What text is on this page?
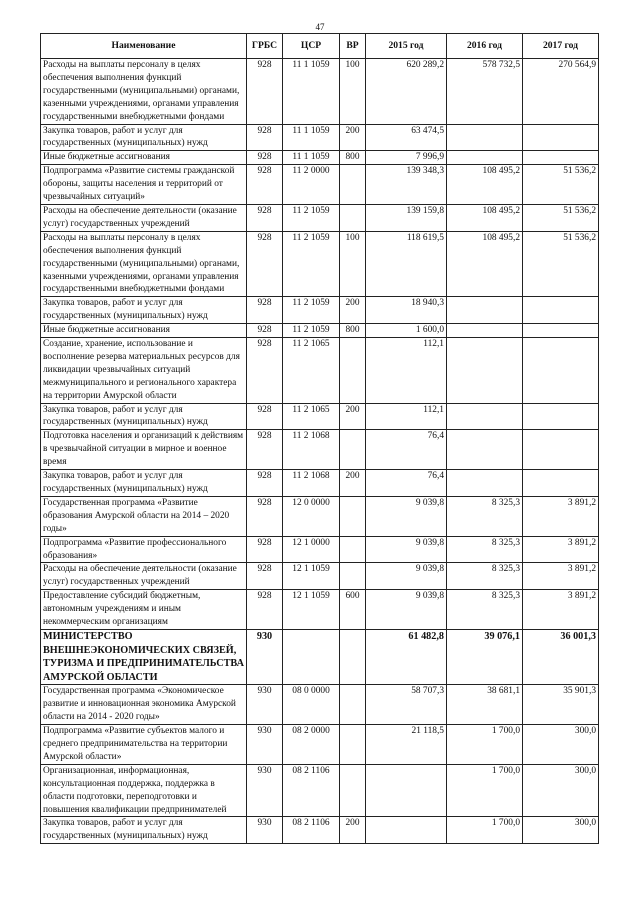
47
Наименование	ГРБС	ЦСР	ВР	2015 год	2016 год	2017 год
Расходы на выплаты персоналу в целях обеспечения выполнения функций государственными (муниципальными) органами, казенными учреждениями, органами управления государственными внебюджетными фондами	928	11 1 1059	100	620 289,2	578 732,5	270 564,9
Закупка товаров, работ и услуг для государственных (муниципальных) нужд	928	11 1 1059	200	63 474,5		
Иные бюджетные ассигнования	928	11 1 1059	800	7 996,9		
Подпрограмма «Развитие системы гражданской обороны, защиты населения и территорий от чрезвычайных ситуаций»	928	11 2 0000		139 348,3	108 495,2	51 536,2
Расходы на обеспечение деятельности (оказание услуг) государственных учреждений	928	11 2 1059		139 159,8	108 495,2	51 536,2
Расходы на выплаты персоналу в целях обеспечения выполнения функций государственными (муниципальными) органами, казенными учреждениями, органами управления государственными внебюджетными фондами	928	11 2 1059	100	118 619,5	108 495,2	51 536,2
Закупка товаров, работ и услуг для государственных (муниципальных) нужд	928	11 2 1059	200	18 940,3		
Иные бюджетные ассигнования	928	11 2 1059	800	1 600,0		
Создание, хранение, использование и восполнение резерва материальных ресурсов для ликвидации чрезвычайных ситуаций межмуниципального и регионального характера на территории Амурской области	928	11 2 1065		112,1		
Закупка товаров, работ и услуг для государственных (муниципальных) нужд	928	11 2 1065	200	112,1		
Подготовка населения и организаций к действиям в чрезвычайной ситуации в мирное и военное время	928	11 2 1068		76,4		
Закупка товаров, работ и услуг для государственных (муниципальных) нужд	928	11 2 1068	200	76,4		
Государственная программа «Развитие образования Амурской области на 2014 – 2020 годы»	928	12 0 0000		9 039,8	8 325,3	3 891,2
Подпрограмма «Развитие профессионального образования»	928	12 1 0000		9 039,8	8 325,3	3 891,2
Расходы на обеспечение деятельности (оказание услуг) государственных учреждений	928	12 1 1059		9 039,8	8 325,3	3 891,2
Предоставление субсидий бюджетным, автономным учреждениям и иным некоммерческим организациям	928	12 1 1059	600	9 039,8	8 325,3	3 891,2
МИНИСТЕРСТВО ВНЕШНЕЭКОНОМИЧЕСКИХ СВЯЗЕЙ, ТУРИЗМА И ПРЕДПРИНИМАТЕЛЬСТВА АМУРСКОЙ ОБЛАСТИ	930			61 482,8	39 076,1	36 001,3
Государственная программа «Экономическое развитие и инновационная экономика Амурской области на 2014 - 2020 годы»	930	08 0 0000		58 707,3	38 681,1	35 901,3
Подпрограмма «Развитие субъектов малого и среднего предпринимательства на территории Амурской области»	930	08 2 0000		21 118,5	1 700,0	300,0
Организационная, информационная, консультационная поддержка, поддержка в области подготовки, переподготовки и повышения квалификации предпринимателей	930	08 2 1106			1 700,0	300,0
Закупка товаров, работ и услуг для государственных (муниципальных) нужд	930	08 2 1106	200		1 700,0	300,0
